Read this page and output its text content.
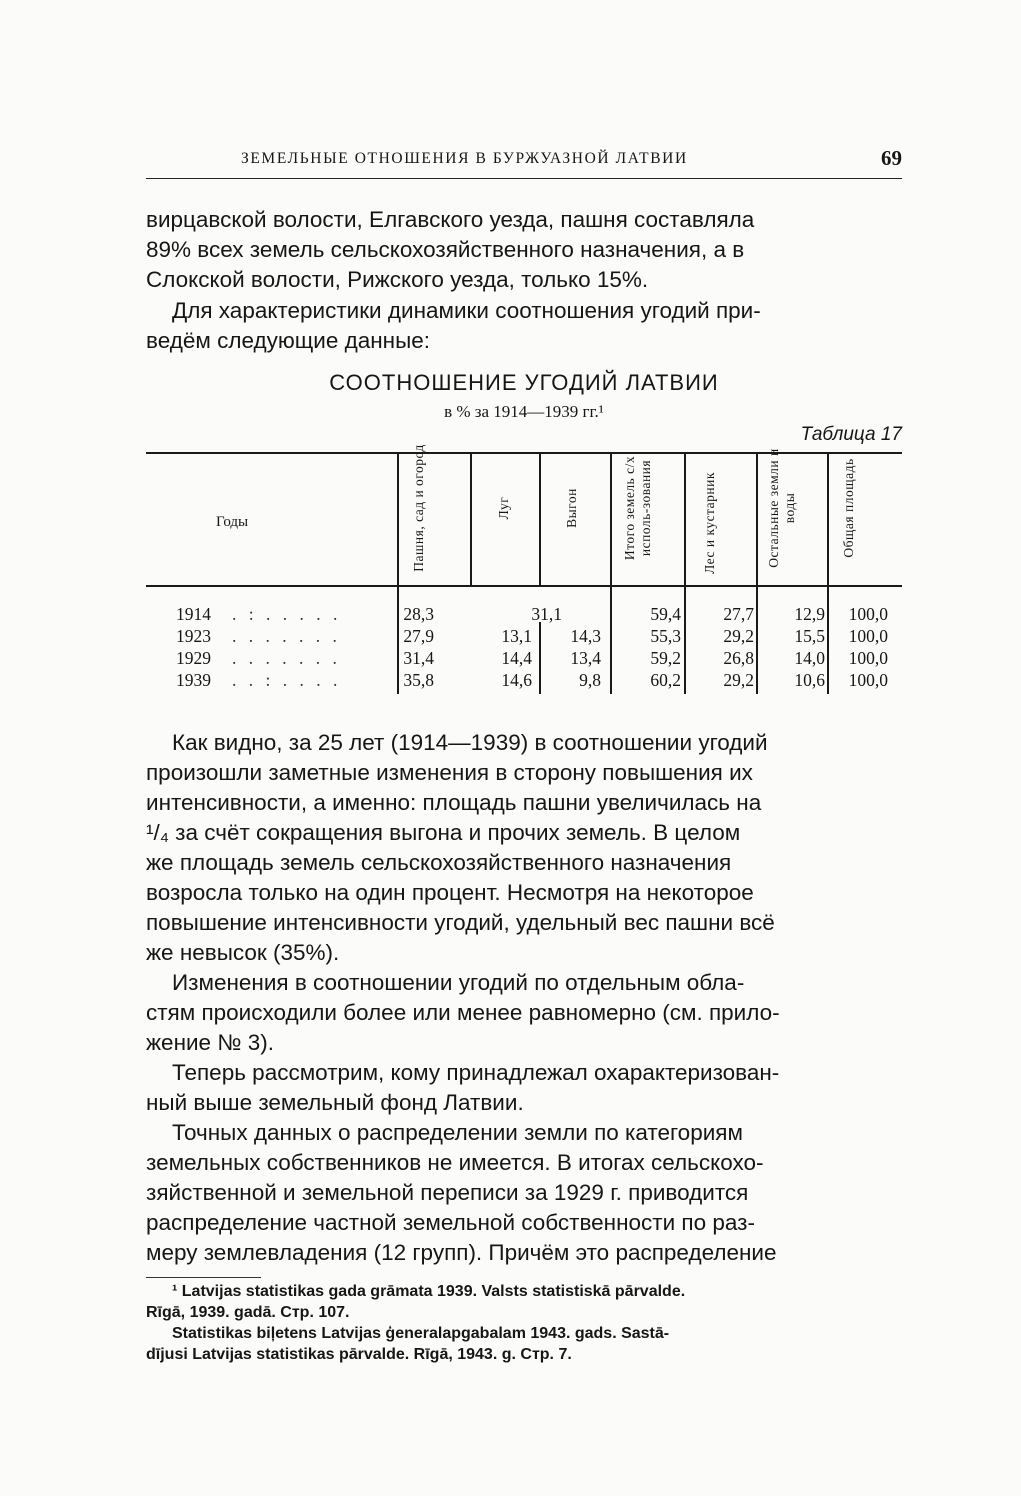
ЗЕМЕЛЬНЫЕ ОТНОШЕНИЯ В БУРЖУАЗНОЙ ЛАТВИИ	69

вирцавской волости, Елгавского уезда, пашня составляла

89% всех земель сельскохозяйственного назначения, а в

Слокской волости, Рижского уезда, только 15%.

Для характеристики динамики соотношения угодий при-

ведём следующие данные:

СООТНОШЕНИЕ УГОДИЙ ЛАТВИИ
в % за 1914—1939 гг.¹
Таблица 17
Годы	Пашня, сад и огород	Луг	Выгон	Итого земель с/х исполь-зования	Лес и кустарник	Остальные земли и воды	Общая площадь
1914 . : . . . . .	28,3	31,1	59,4 27,7 12,9 100,0
1923 . . . . . . .	27,9	13,1 14,3	55,3 29,2 15,5 100,0
1929 . . . . . . .	31,4	14,4 13,4	59,2 26,8 14,0 100,0
1939 . . : . . . .	35,8	14,6	9,8	60,2 29,2 10,6 100,0

Как видно, за 25 лет (1914—1939) в соотношении угодий

произошли заметные изменения в сторону повышения их

интенсивности, а именно: площадь пашни увеличилась на

¹/₄ за счёт сокращения выгона и прочих земель. В целом

же площадь земель сельскохозяйственного назначения

возросла только на один процент. Несмотря на некоторое

повышение интенсивности угодий, удельный вес пашни всё

же невысок (35%).

Изменения в соотношении угодий по отдельным обла-

стям происходили более или менее равномерно (см. прило-

жение № 3).

Теперь рассмотрим, кому принадлежал охарактеризован-

ный выше земельный фонд Латвии.

Точных данных о распределении земли по категориям

земельных собственников не имеется. В итогах сельскохо-

зяйственной и земельной переписи за 1929 г. приводится

распределение частной земельной собственности по раз-

меру землевладения (12 групп). Причём это распределение

¹ Latvijas statistikas gada grāmata 1939. Valsts statistiskā pārvalde.

Rīgā, 1939. gadā. Стр. 107.

Statistikas biļetens Latvijas ģeneralapgabalam 1943. gads. Sastā-

dījusi Latvijas statistikas pārvalde. Rīgā, 1943. g. Стр. 7.
